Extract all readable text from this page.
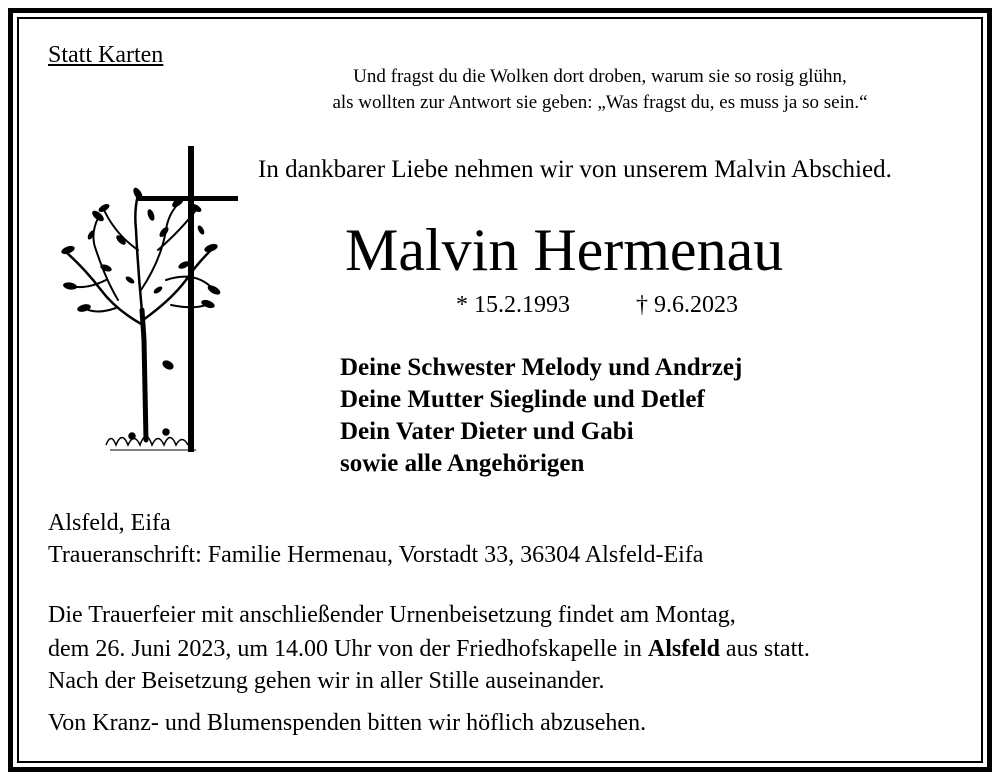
Statt Karten
Und fragst du die Wolken dort droben, warum sie so rosig glühn,
als wollten zur Antwort sie geben: „Was fragst du, es muss ja so sein.“
In dankbarer Liebe nehmen wir von unserem Malvin Abschied.
Malvin Hermenau
* 15.2.1993	† 9.6.2023
Deine Schwester Melody und Andrzej
Deine Mutter Sieglinde und Detlef
Dein Vater Dieter und Gabi
sowie alle Angehörigen
Alsfeld, Eifa
Traueranschrift: Familie Hermenau, Vorstadt 33, 36304 Alsfeld-Eifa
Die Trauerfeier mit anschließender Urnenbeisetzung findet am Montag,
dem 26. Juni 2023, um 14.00 Uhr von der Friedhofskapelle in Alsfeld aus statt.
Nach der Beisetzung gehen wir in aller Stille auseinander.
Von Kranz- und Blumenspenden bitten wir höflich abzusehen.
